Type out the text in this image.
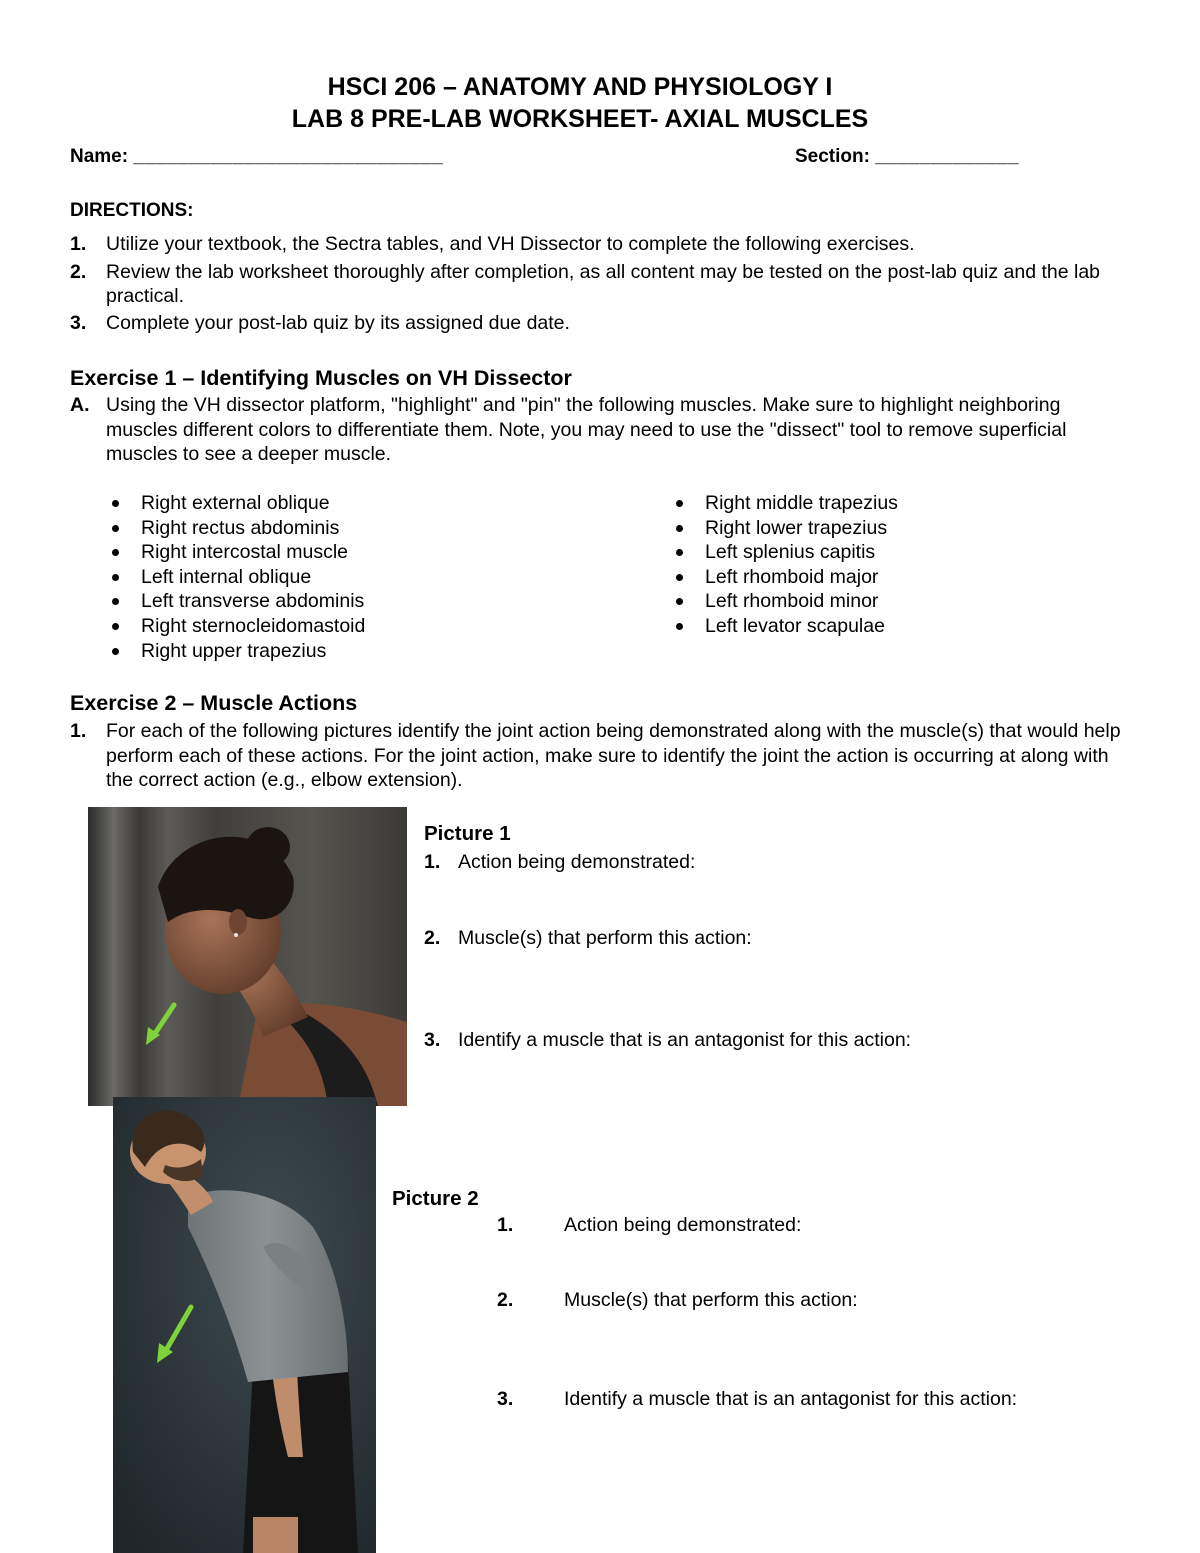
HSCI 206 – ANATOMY AND PHYSIOLOGY I
LAB 8 PRE-LAB WORKSHEET- AXIAL MUSCLES
Name: ____________________________	Section: _____________
DIRECTIONS:
1. Utilize your textbook, the Sectra tables, and VH Dissector to complete the following exercises.
2. Review the lab worksheet thoroughly after completion, as all content may be tested on the post-lab quiz and the lab practical.
3. Complete your post-lab quiz by its assigned due date.
Exercise 1 – Identifying Muscles on VH Dissector
A. Using the VH dissector platform, "highlight" and "pin" the following muscles. Make sure to highlight neighboring muscles different colors to differentiate them. Note, you may need to use the "dissect" tool to remove superficial muscles to see a deeper muscle.
Right external oblique
Right rectus abdominis
Right intercostal muscle
Left internal oblique
Left transverse abdominis
Right sternocleidomastoid
Right upper trapezius
Right middle trapezius
Right lower trapezius
Left splenius capitis
Left rhomboid major
Left rhomboid minor
Left levator scapulae
Exercise 2 – Muscle Actions
1. For each of the following pictures identify the joint action being demonstrated along with the muscle(s) that would help perform each of these actions. For the joint action, make sure to identify the joint the action is occurring at along with the correct action (e.g., elbow extension).
Picture 1
1. Action being demonstrated:
2. Muscle(s) that perform this action:
3. Identify a muscle that is an antagonist for this action:
Picture 2
1.	Action being demonstrated:
2.	Muscle(s) that perform this action:
3.	Identify a muscle that is an antagonist for this action:
